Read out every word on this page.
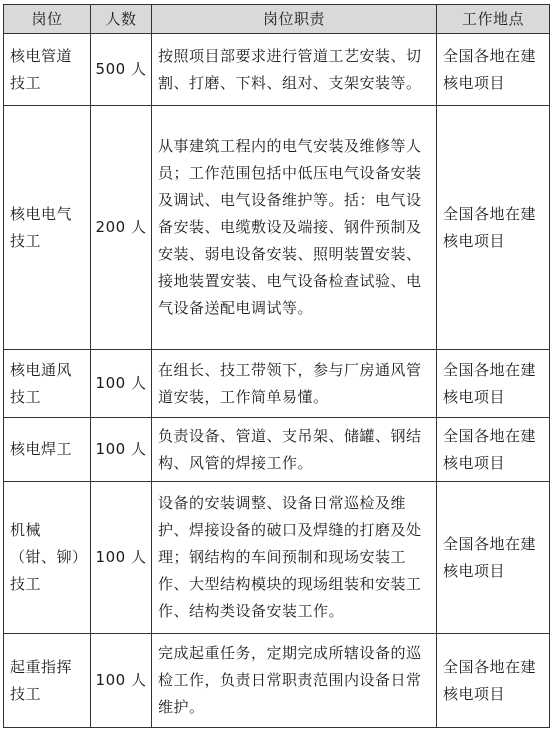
岗位	人数	岗位职责	工作地点
核电管道技工	500 人	按照项目部要求进行管道工艺安装、切割、打磨、下料、组对、支架安装等。	全国各地在建核电项目
核电电气技工	200 人	从事建筑工程内的电气安装及维修等人员；工作范围包括中低压电气设备安装及调试、电气设备维护等。括：电气设备安装、电缆敷设及端接、钢件预制及安装、弱电设备安装、照明装置安装、接地装置安装、电气设备检查试验、电气设备送配电调试等。	全国各地在建核电项目
核电通风技工	100 人	在组长、技工带领下，参与厂房通风管道安装，工作简单易懂。	全国各地在建核电项目
核电焊工	100 人	负责设备、管道、支吊架、储罐、钢结构、风管的焊接工作。	全国各地在建核电项目
机械（钳、铆）技工	100 人	设备的安装调整、设备日常巡检及维护、焊接设备的破口及焊缝的打磨及处理；钢结构的车间预制和现场安装工作、大型结构模块的现场组装和安装工作、结构类设备安装工作。	全国各地在建核电项目
起重指挥技工	100 人	完成起重任务，定期完成所辖设备的巡检工作，负责日常职责范围内设备日常维护。	全国各地在建核电项目
